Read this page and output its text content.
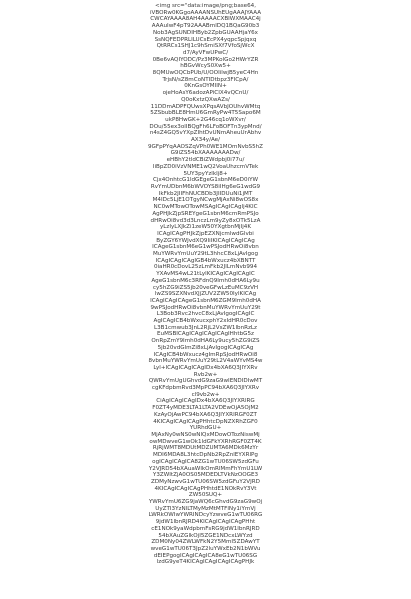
<img src="data:image/png;base64,
iVBORw0KGgoAAAANSUhEUgAAAJYAAA
CWCAYAAAA8AH4AAAACXBIWXMAAC4j
AAAuIwF4pT92AAABmlDQ1BQaG90b3
Nob3AgSUNDIHByb2ZpbGUAAHjaY6x
SsNQFEDPRLILUCsEcPX4yqpcSpjqxq
QtRRCs1SHJ1c9hSmiSXf7VfoSjWcX
d7/AyVFwUPwC/
0Be6vAQIYODC/Pz3MPKolGo2HWrYZR
hBGvWcyS0Xw5+
8QMUwOQCbPUb/U/OOIilwjB5yeC4Hn
TrjsN/sZ8mCoNTIDtbpz3FICpA/
0KnGsOYMIIN+
ojeHoAsY6adozAPiCIX4vQCnU/
Q0oKxtzQXwAZs/
11DDmADPFQUwsXPqsAVbJOUhvWMtq
5ZSbubBLE8HmU6GmRyPw4T5Sapo6M
ukP8HwGK+2G46cq1oWXvr/
DOu/55ex3olIBQgFh6LFoBOFTn3ypMnd/
n4sZ4GQ5vYXpZIhtDvUNmAheuUrAbhv
AX34y/Ae/
9GFpPYqAAOSZqVPh0WE1MOmNvbS5hZ
G9iZS54bXAAAAAAADw/
eHBhY2tldCBiZWdpbj0i77u/
IiBpZD0iVzVNME1wQ2VoaUhzcmVTek
5UY3pyYzlkIj8+
Cjx4OnhtcG1ldGEgeG1sbnM6eD0iYW
RvYmUDbnM6bWVOYS8iIHg6eG1wdG9
IkFkb2JIIFhNUCBDb3JIIDUuNi1jMT
M4IDc5LjE1OTgyNCwgMjAxNi8wOS8x
NC0wMTowOTowMSAgICAgICAglj4KIC
AgPHJkZjpSREYgeG1sbnM6cmRmPSJo
dHRwOi8vd3d3LnczLm9yZy8xOTk5LzA
yLzIyLXJkZi1zeW50YXgtbnMjIj4K
ICAgICAgPHJkZjpEZXNjcmlwdGlvbi
ByZGY6YWJvdXQ9IiIKICAgICAgICAg
ICAgeG1sbnM6eG1wPSJodHRwOi8vbn
MuYWRvYmUuY29tL3hhcC8xLjAvIgog
ICAgICAgICAgIGB4bWxucz4bXBNTT
0iaHR0cDovL25zLmFkb2JlLmNvb994
YXAvMS4wL21tLylKICAgICAgICAgIC
AgeG1sbnM6c3RFdnQ9Imh0dHA6Ly9u
cy5hZG9iZS5jb20veGFwLzEuMC9zVH
lwZS9SZXNvdXJjZUV2ZW50IylKICAg
ICAgICAgICAgeG1sbnM6ZGM9Imh0dHA
9wPSJodHRwOi8vbnMuYWRvYmUuY29t
L3Bob3Rvc2hvcC8xLjAvIgogICAgIC
AgICAgICB4bWxucxphY2xIdHR0cDov
L3B1cmwub3JnL2RjL2VsZW1lbnRzLz
EuMSBICAgICAgICAgICAgIHhtbG5z
OnRpZmY9Imh0dHA6Ly9ucy5hZG9iZS
5jb20vdGlmZi8xLjAvIgogICAgICAg
ICAgICB4bWxucz4gImRpSJodHRwOi8
8vbnMuYWRvYmUuY29tL2V4aWYvMS4w
Lyl+ICAgICAgICAgIDx4bXA6Q3JIYXRv
Rvb2w+
QWRvYmUgUGhvdG9zaG9wIENDIDIwMT
cgKFdpbmRvd3MpPC94bXA6Q3JIYXRv
cl9vb2w+
CiAgICAgICAgIDx4bXA6Q3JIYXRlRG
F0ZT4yMDE3LTA1LTA2VDEwOjA5OjM2
KzAyOjAwPC94bXA6Q3JIYXRIRGF0ZT
4KICAgICAgICAgPHhtcDpNZXRhZGF0
YURhdGU+
MjAxNy0wNS0wNlQxMDowOTozNiswMj
owMDwveG1wOk1ldGFkYXRhRGF0ZT4K
RjRjWMT8MDUtMDZUMTA6MDk6MzYr
MDI6MDA8L3htcDpNb2RpZnlEYXRlPg
ogICAgICAgICA8ZG1wTU06SW5zdGFu
Y2VJRD54bXAuaWlkOmRlMmFhYmU1LW
Y3ZWItZjA0OS05MDEDLTVkNzOOGE3
ZDMyNzwvG1wTU06SW5zdGFuY2VJRD
4KICAgICAgICAgPHhtdE1NOkRvY3Vt
ZW50SUQ+
YWRvYmU6ZG9jaWQ6cGhvdG9zaG9wOj
UyZTI3YzNlLTMyMzMtMTFlNy1iYmVj
LWRkOWIwYWRINDcyYzwveG1wTU06RG
9jdW1lbnRJRD4KICAgICAgICAgPHht
cE1NOk9yaWdpbmFsRG9jdW1lbnRJRD
54bXAuZGlkOjI5ZGE1NDcxLWYzd
ZDM0Ny04ZWLWFkN2Y5MmI5ZDAwYT
wveG1wTU06T3JpZ2luYWxEb2N1bWVu
dEIEPgogICAgICAgICA8eG1wTU06SG
lzdG9yeT4KICAgICAgICAgICAgPHJk
